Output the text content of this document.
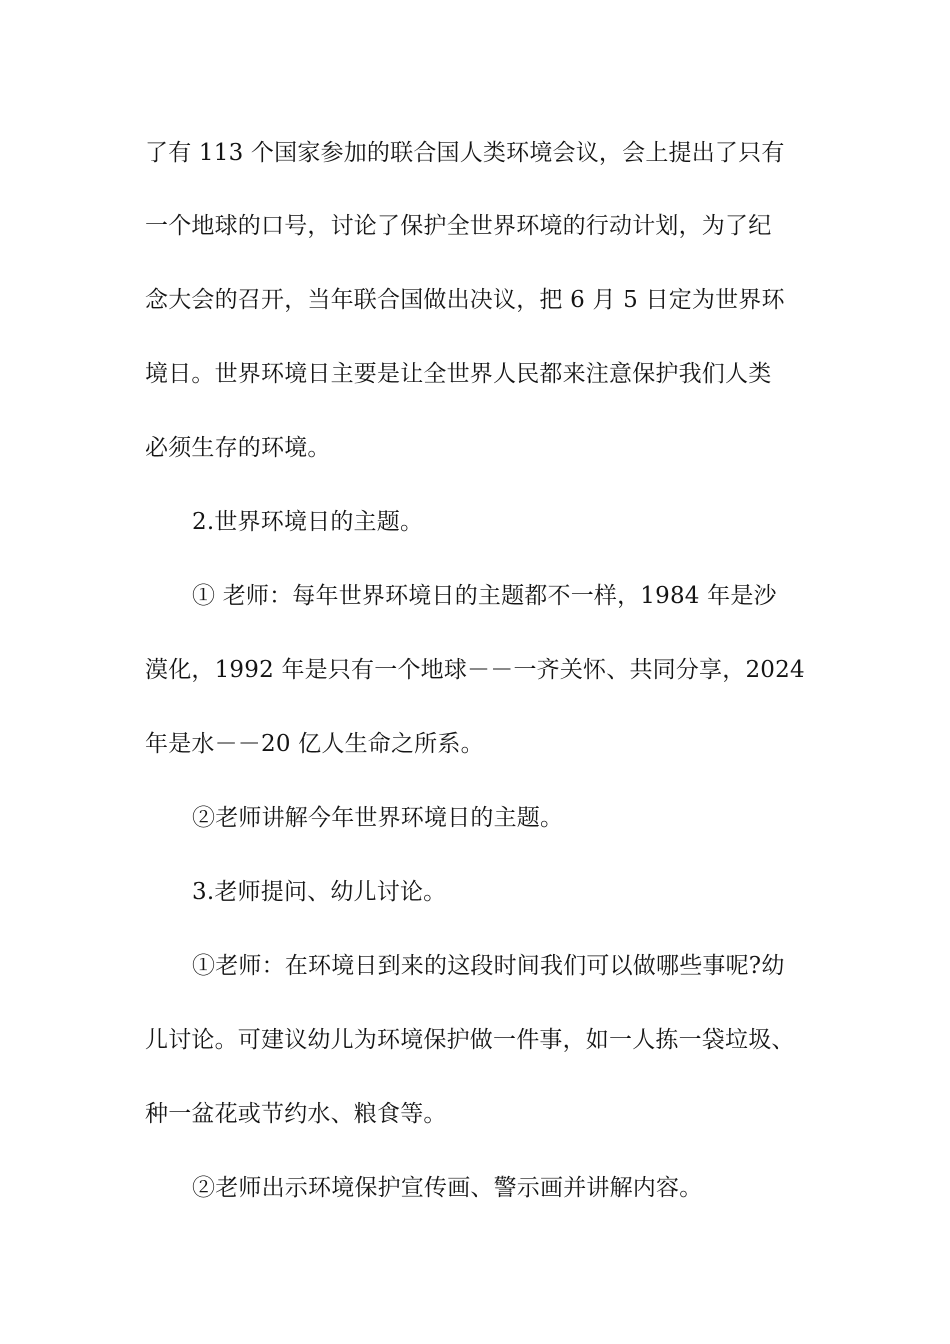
了有 113 个国家参加的联合国人类环境会议，会上提出了只有
一个地球的口号，讨论了保护全世界环境的行动计划，为了纪
念大会的召开，当年联合国做出决议，把 6 月 5 日定为世界环
境日。世界环境日主要是让全世界人民都来注意保护我们人类
必须生存的环境。
2.世界环境日的主题。
① 老师：每年世界环境日的主题都不一样，1984 年是沙
漠化，1992 年是只有一个地球－－一齐关怀、共同分享，2024
年是水－－20 亿人生命之所系。
②老师讲解今年世界环境日的主题。
3.老师提问、幼儿讨论。
①老师：在环境日到来的这段时间我们可以做哪些事呢?幼
儿讨论。可建议幼儿为环境保护做一件事，如一人拣一袋垃圾、
种一盆花或节约水、粮食等。
②老师出示环境保护宣传画、警示画并讲解内容。
